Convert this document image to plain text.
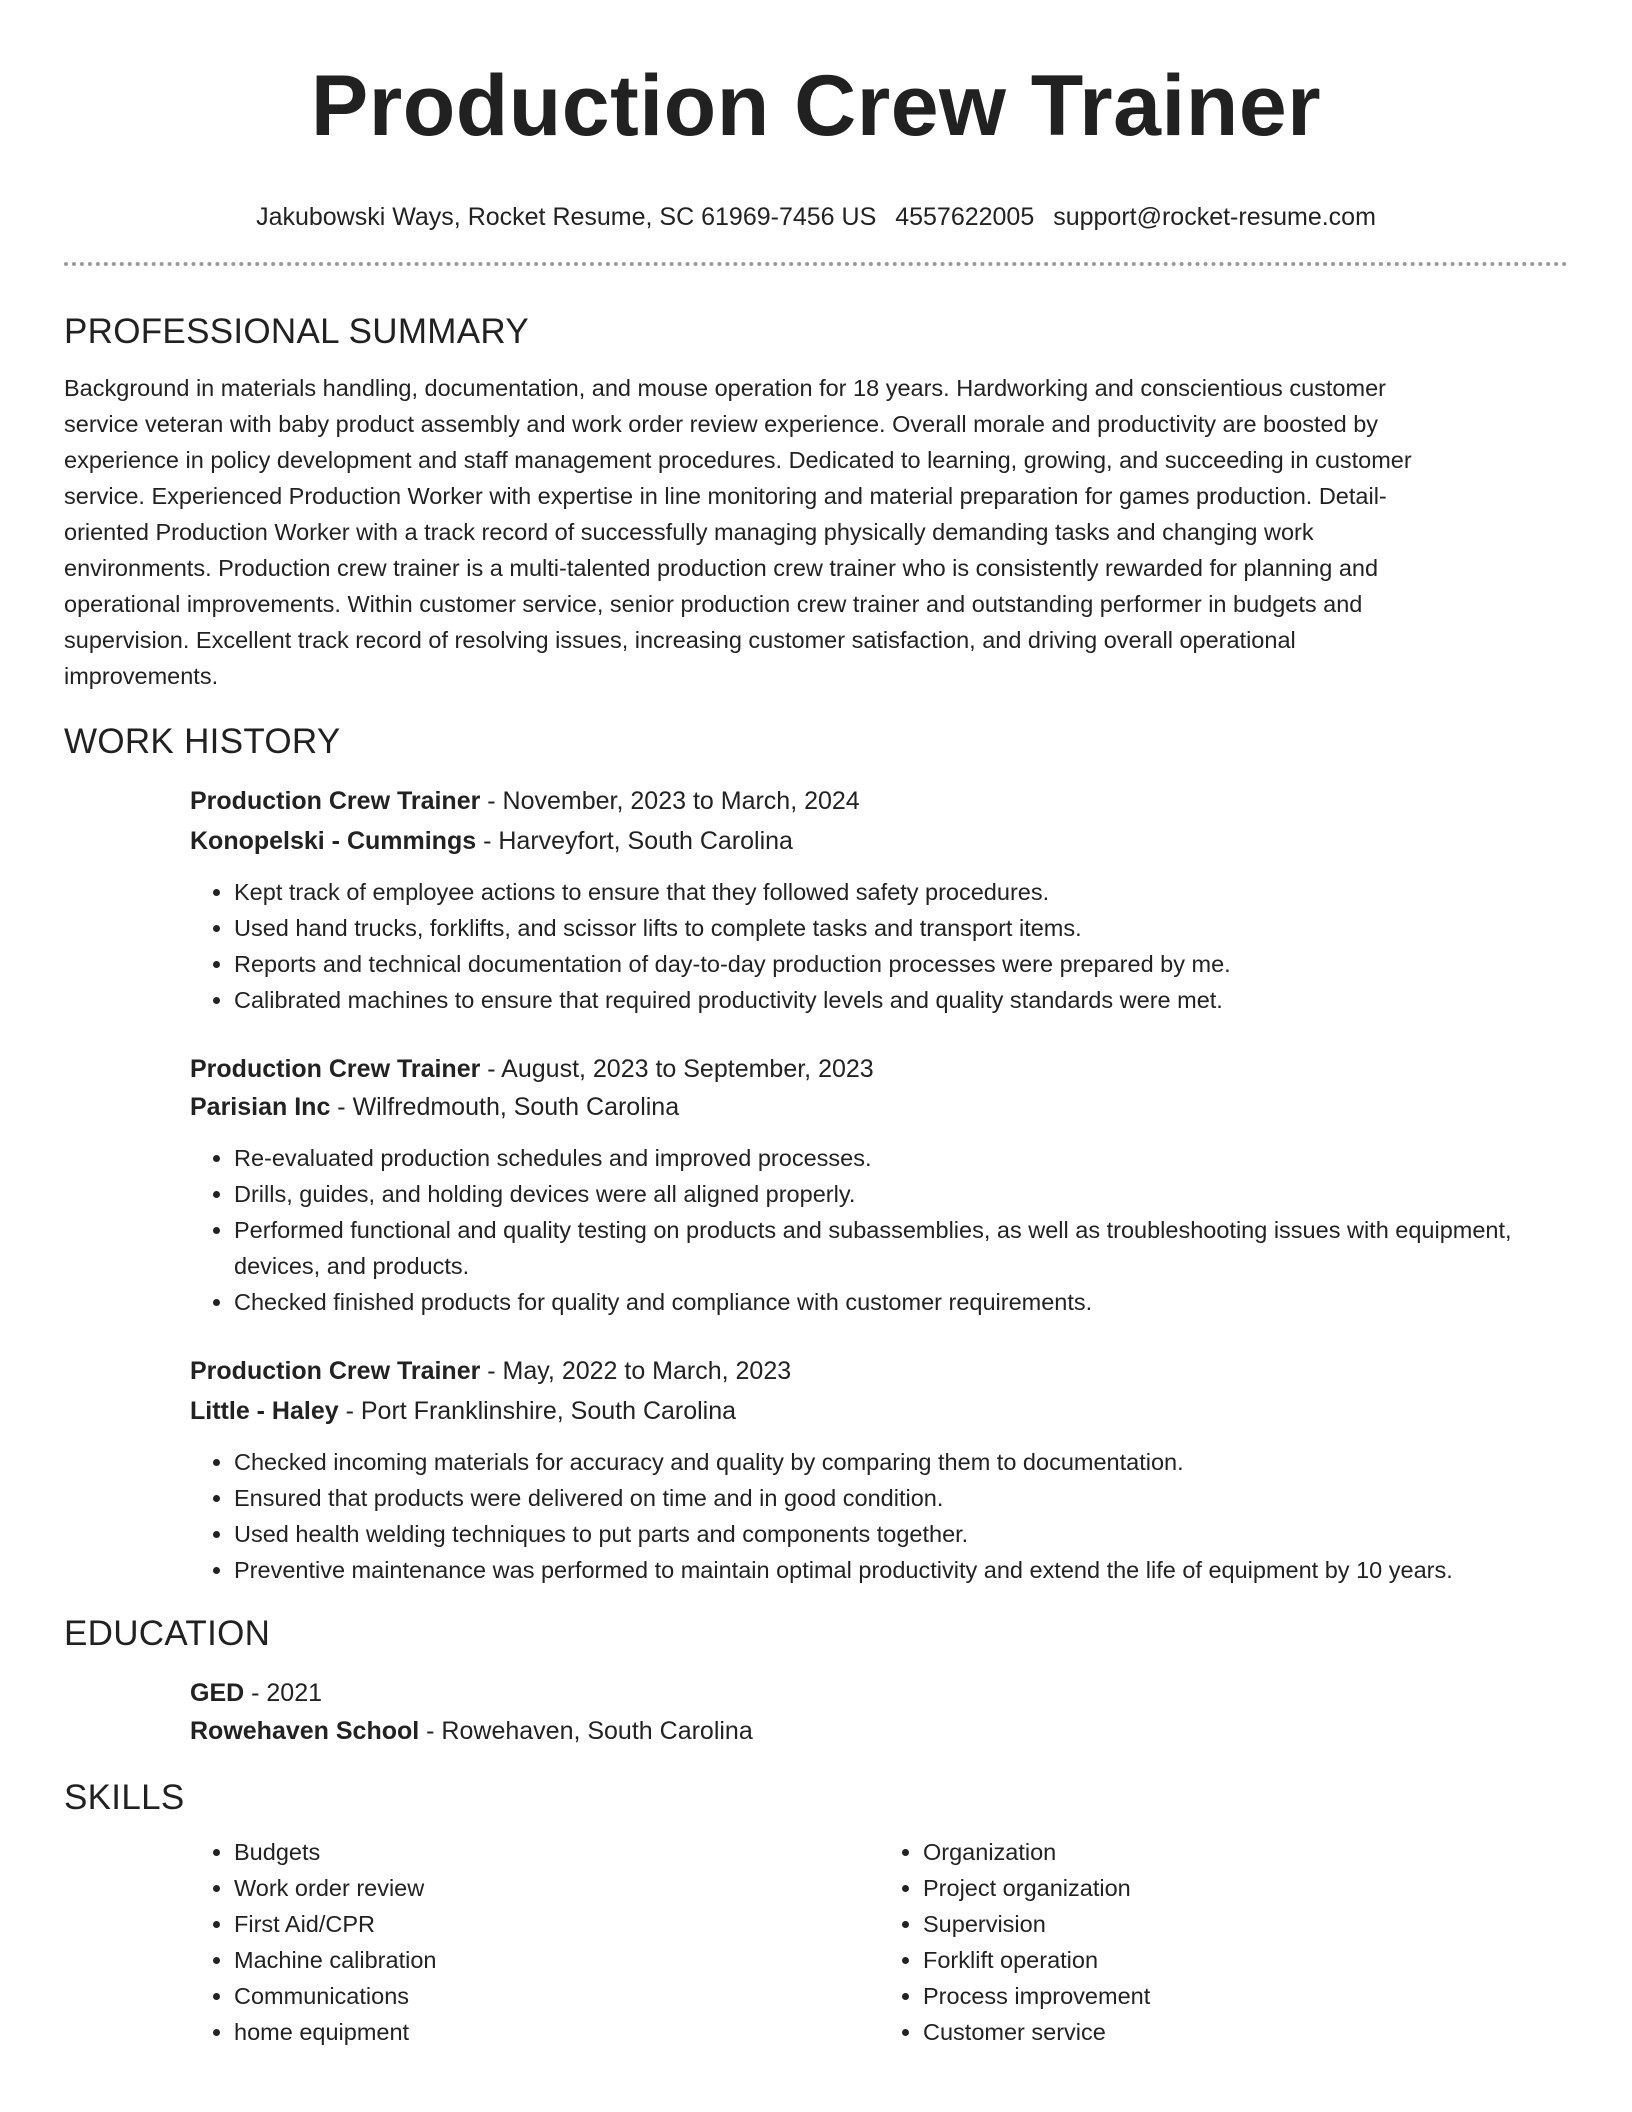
Production Crew Trainer
Jakubowski Ways, Rocket Resume, SC 61969-7456 US 4557622005 support@rocket-resume.com
PROFESSIONAL SUMMARY

Background in materials handling, documentation, and mouse operation for 18 years. Hardworking and conscientious customer service veteran with baby product assembly and work order review experience. Overall morale and productivity are boosted by experience in policy development and staff management procedures. Dedicated to learning, growing, and succeeding in customer service. Experienced Production Worker with expertise in line monitoring and material preparation for games production. Detail-oriented Production Worker with a track record of successfully managing physically demanding tasks and changing work environments. Production crew trainer is a multi-talented production crew trainer who is consistently rewarded for planning and operational improvements. Within customer service, senior production crew trainer and outstanding performer in budgets and supervision. Excellent track record of resolving issues, increasing customer satisfaction, and driving overall operational improvements.

WORK HISTORY

Production Crew Trainer - November, 2023 to March, 2024

Konopelski - Cummings - Harveyfort, South Carolina

• Kept track of employee actions to ensure that they followed safety procedures.
• Used hand trucks, forklifts, and scissor lifts to complete tasks and transport items.
• Reports and technical documentation of day-to-day production processes were prepared by me.
• Calibrated machines to ensure that required productivity levels and quality standards were met.

Production Crew Trainer - August, 2023 to September, 2023

Parisian Inc - Wilfredmouth, South Carolina

• Re-evaluated production schedules and improved processes.
• Drills, guides, and holding devices were all aligned properly.
• Performed functional and quality testing on products and subassemblies, as well as troubleshooting issues with equipment, devices, and products.
• Checked finished products for quality and compliance with customer requirements.

Production Crew Trainer - May, 2022 to March, 2023

Little - Haley - Port Franklinshire, South Carolina

• Checked incoming materials for accuracy and quality by comparing them to documentation.
• Ensured that products were delivered on time and in good condition.
• Used health welding techniques to put parts and components together.
• Preventive maintenance was performed to maintain optimal productivity and extend the life of equipment by 10 years.
EDUCATION

GED - 2021

Rowehaven School - Rowehaven, South Carolina

SKILLS
• Budgets
• Work order review
• First Aid/CPR
• Machine calibration
• Communications
• home equipment
• Organization
• Project organization
• Supervision
• Forklift operation
• Process improvement
• Customer service
